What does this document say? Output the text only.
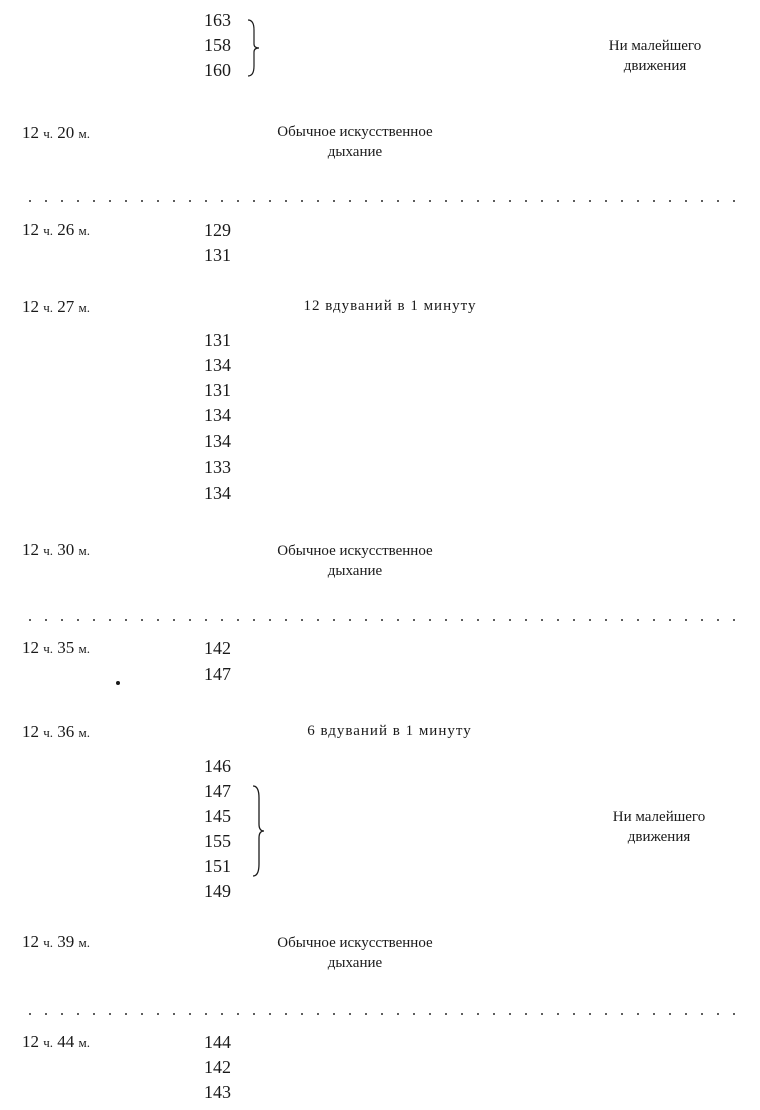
163
158
160
Ни малейшего
движения
12 ч. 20 м.	Обычное искусственное
дыхание
12 ч. 26 м.	129
131
12 ч. 27 м.	12 вдуваний в 1 минуту
131
134
131
134
134
133
134
12 ч. 30 м.	Обычное искусственное
дыхание
12 ч. 35 м.	142
147
12 ч. 36 м.	6 вдуваний в 1 минуту
146
147
145
155
151
149
Ни малейшего
движения
12 ч. 39 м.	Обычное искусственное
дыхание
12 ч. 44 м.	144
142
143
